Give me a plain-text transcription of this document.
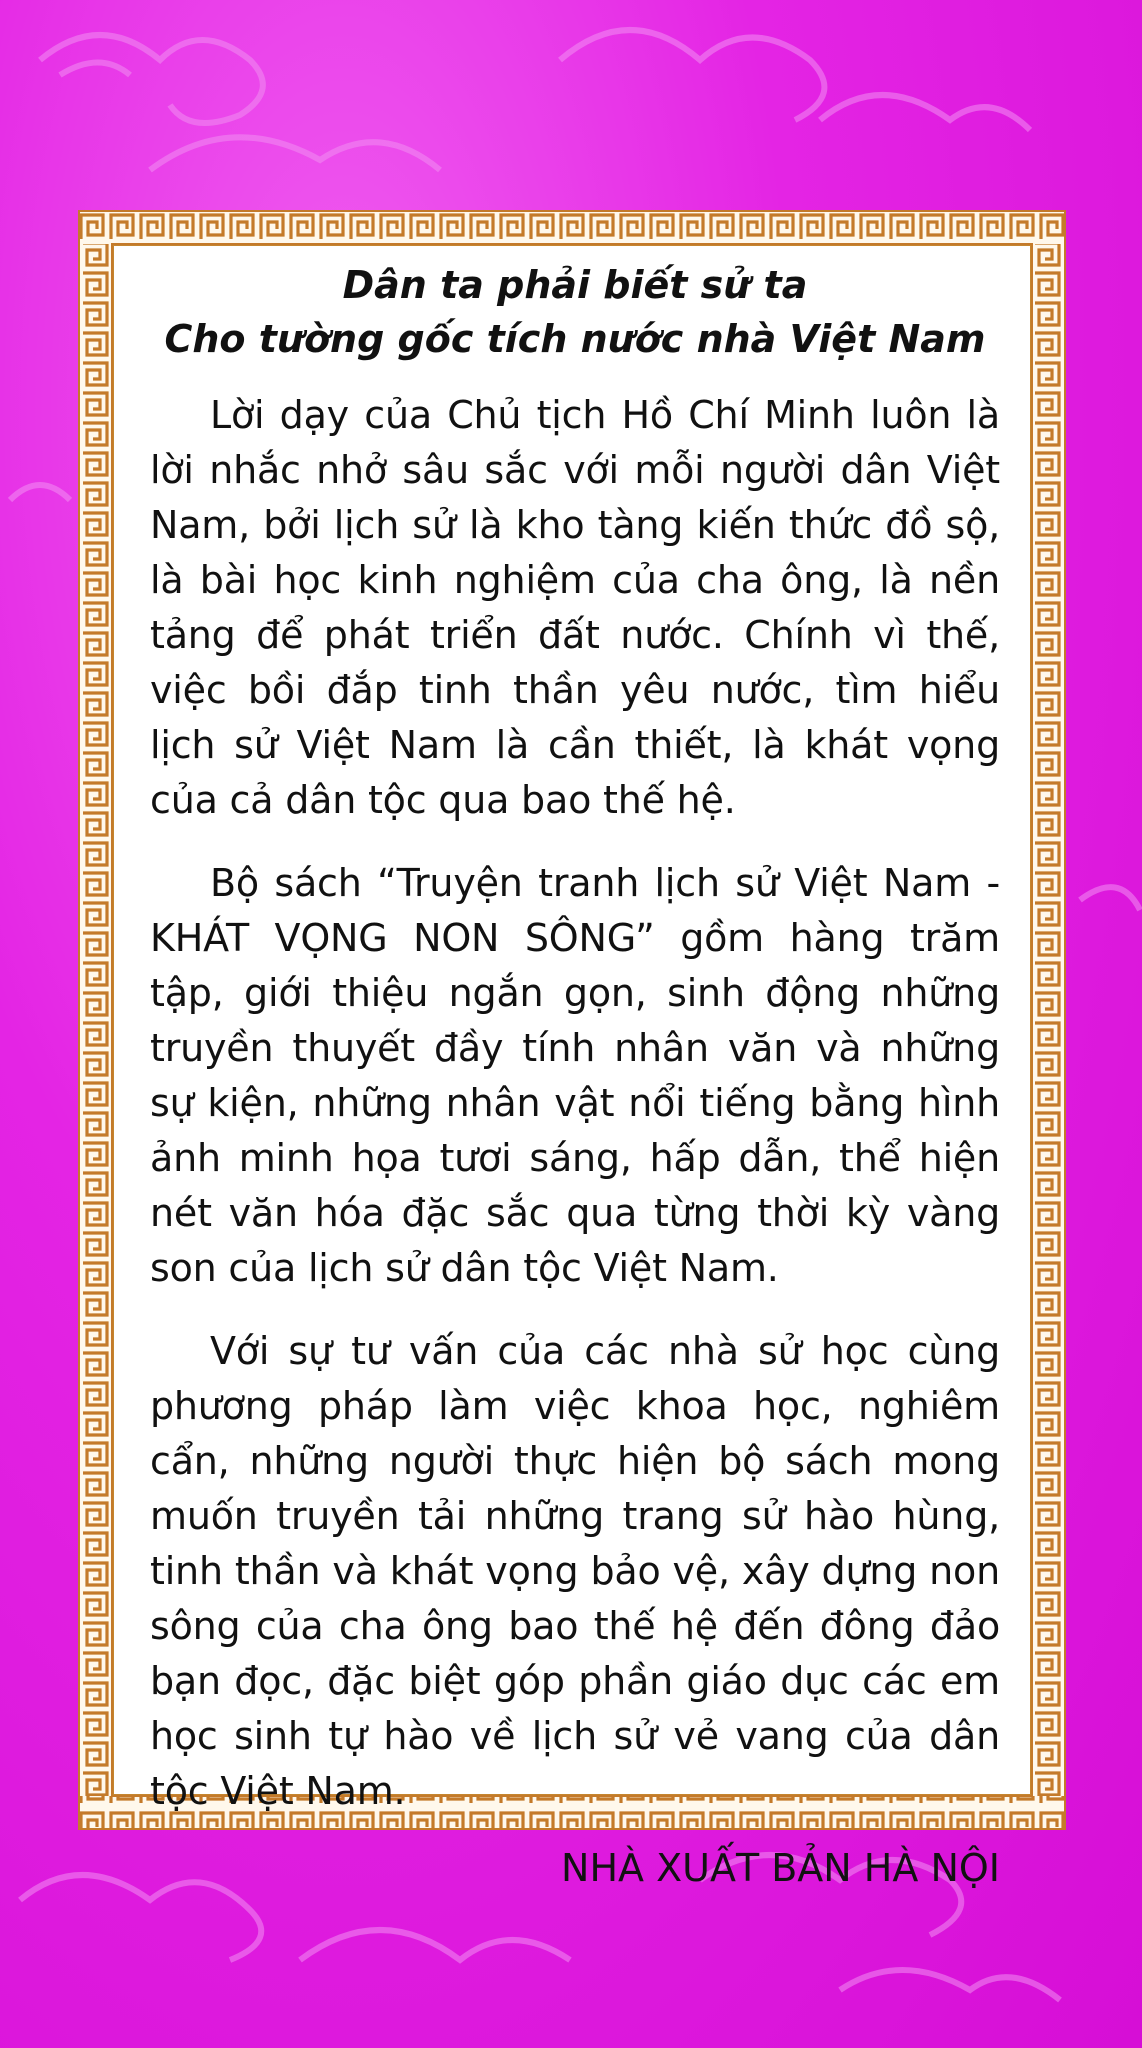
Dân ta phải biết sử ta
Cho tường gốc tích nước nhà Việt Nam

Lời dạy của Chủ tịch Hồ Chí Minh luôn là lời nhắc nhở sâu sắc với mỗi người dân Việt Nam, bởi lịch sử là kho tàng kiến thức đồ sộ, là bài học kinh nghiệm của cha ông, là nền tảng để phát triển đất nước. Chính vì thế, việc bồi đắp tinh thần yêu nước, tìm hiểu lịch sử Việt Nam là cần thiết, là khát vọng của cả dân tộc qua bao thế hệ.

Bộ sách “Truyện tranh lịch sử Việt Nam - KHÁT VỌNG NON SÔNG” gồm hàng trăm tập, giới thiệu ngắn gọn, sinh động những truyền thuyết đầy tính nhân văn và những sự kiện, những nhân vật nổi tiếng bằng hình ảnh minh họa tươi sáng, hấp dẫn, thể hiện nét văn hóa đặc sắc qua từng thời kỳ vàng son của lịch sử dân tộc Việt Nam.

Với sự tư vấn của các nhà sử học cùng phương pháp làm việc khoa học, nghiêm cẩn, những người thực hiện bộ sách mong muốn truyền tải những trang sử hào hùng, tinh thần và khát vọng bảo vệ, xây dựng non sông của cha ông bao thế hệ đến đông đảo bạn đọc, đặc biệt góp phần giáo dục các em học sinh tự hào về lịch sử vẻ vang của dân tộc Việt Nam.

NHÀ XUẤT BẢN HÀ NỘI
